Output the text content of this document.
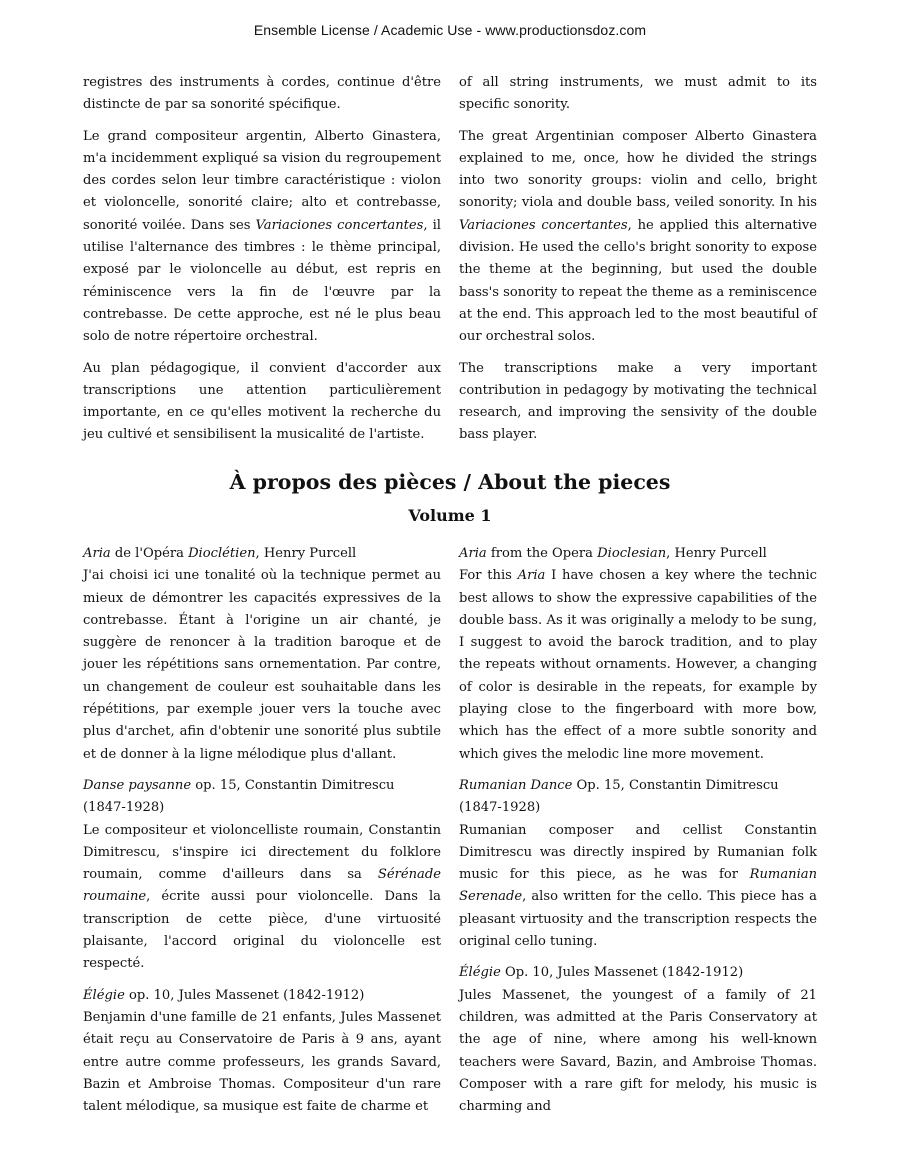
Ensemble License / Academic Use - www.productionsdoz.com

registres des instruments à cordes, continue d'être distincte de par sa sonorité spécifique.

Le grand compositeur argentin, Alberto Ginastera, m'a incidemment expliqué sa vision du regroupement des cordes selon leur timbre caractéristique : violon et violoncelle, sonorité claire; alto et contrebasse, sonorité voilée. Dans ses Variaciones concertantes, il utilise l'alternance des timbres : le thème principal, exposé par le violoncelle au début, est repris en réminiscence vers la fin de l'œuvre par la contrebasse. De cette approche, est né le plus beau solo de notre répertoire orchestral.

Au plan pédagogique, il convient d'accorder aux transcriptions une attention particulièrement importante, en ce qu'elles motivent la recherche du jeu cultivé et sensibilisent la musicalité de l'artiste.

of all string instruments, we must admit to its specific sonority.

The great Argentinian composer Alberto Ginastera explained to me, once, how he divided the strings into two sonority groups: violin and cello, bright sonority; viola and double bass, veiled sonority. In his Variaciones concertantes, he applied this alternative division. He used the cello's bright sonority to expose the theme at the beginning, but used the double bass's sonority to repeat the theme as a reminiscence at the end. This approach led to the most beautiful of our orchestral solos.

The transcriptions make a very important contribution in pedagogy by motivating the technical research, and improving the sensivity of the double bass player.

À propos des pièces / About the pieces
Volume 1

Aria de l'Opéra Dioclétien, Henry Purcell

J'ai choisi ici une tonalité où la technique permet au mieux de démontrer les capacités expressives de la contrebasse. Étant à l'origine un air chanté, je suggère de renoncer à la tradition baroque et de jouer les répétitions sans ornementation. Par contre, un changement de couleur est souhaitable dans les répétitions, par exemple jouer vers la touche avec plus d'archet, afin d'obtenir une sonorité plus subtile et de donner à la ligne mélodique plus d'allant.

Danse paysanne op. 15, Constantin Dimitrescu (1847-1928)

Le compositeur et violoncelliste roumain, Constantin Dimitrescu, s'inspire ici directement du folklore roumain, comme d'ailleurs dans sa Sérénade roumaine, écrite aussi pour violoncelle. Dans la transcription de cette pièce, d'une virtuosité plaisante, l'accord original du violoncelle est respecté.

Élégie op. 10, Jules Massenet (1842-1912)

Benjamin d'une famille de 21 enfants, Jules Massenet était reçu au Conservatoire de Paris à 9 ans, ayant entre autre comme professeurs, les grands Savard, Bazin et Ambroise Thomas. Compositeur d'un rare talent mélodique, sa musique est faite de charme et

Aria from the Opera Dioclesian, Henry Purcell

For this Aria I have chosen a key where the technic best allows to show the expressive capabilities of the double bass. As it was originally a melody to be sung, I suggest to avoid the barock tradition, and to play the repeats without ornaments. However, a changing of color is desirable in the repeats, for example by playing close to the fingerboard with more bow, which has the effect of a more subtle sonority and which gives the melodic line more movement.

Rumanian Dance Op. 15, Constantin Dimitrescu (1847-1928)

Rumanian composer and cellist Constantin Dimitrescu was directly inspired by Rumanian folk music for this piece, as he was for Rumanian Serenade, also written for the cello. This piece has a pleasant virtuosity and the transcription respects the original cello tuning.

Élégie Op. 10, Jules Massenet (1842-1912)

Jules Massenet, the youngest of a family of 21 children, was admitted at the Paris Conservatory at the age of nine, where among his well-known teachers were Savard, Bazin, and Ambroise Thomas. Composer with a rare gift for melody, his music is charming and
